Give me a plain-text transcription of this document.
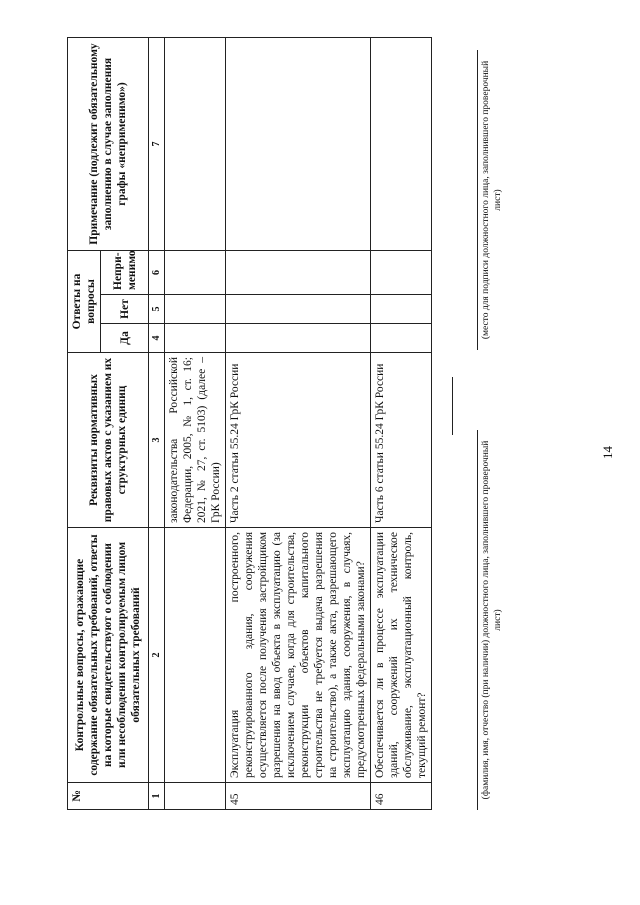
№	Контрольные вопросы, отражающие содержание обязательных требований, ответы на которые свидетельствуют о соблюдении или несоблюдении контролируемым лицом обязательных требований	Реквизиты нормативных правовых актов с указанием их структурных единиц	Ответы на вопросы			Примечание (подлежит обязательному заполнению в случае заполнения графы «неприменимо»)
			Да	Нет	Непри-менимо	
1	2	3	4	5	6	7
		законодательства Российской Федерации, 2005, № 1, ст. 16; 2021, № 27, ст. 5103) (далее – ГрК России)				
45	Эксплуатация построенного, реконструированного здания, сооружения осуществляется после получения застройщиком разрешения на ввод объекта в эксплуатацию (за исключением случаев, когда для строительства, реконструкции объектов капитального строительства не требуется выдача разрешения на строительство), а также акта, разрешающего эксплуатацию здания, сооружения, в случаях, предусмотренных федеральными законами?	Часть 2 статьи 55.24 ГрК России				
46	Обеспечивается ли в процессе эксплуатации зданий, сооружений их техническое обслуживание, эксплуатационный контроль, текущий ремонт?	Часть 6 статьи 55.24 ГрК России					(фамилия, имя, отчество (при наличии) должностного лица, заполнившего проверочный лист)
(место для подписи должностного лица, заполнившего проверочный лист)
14
